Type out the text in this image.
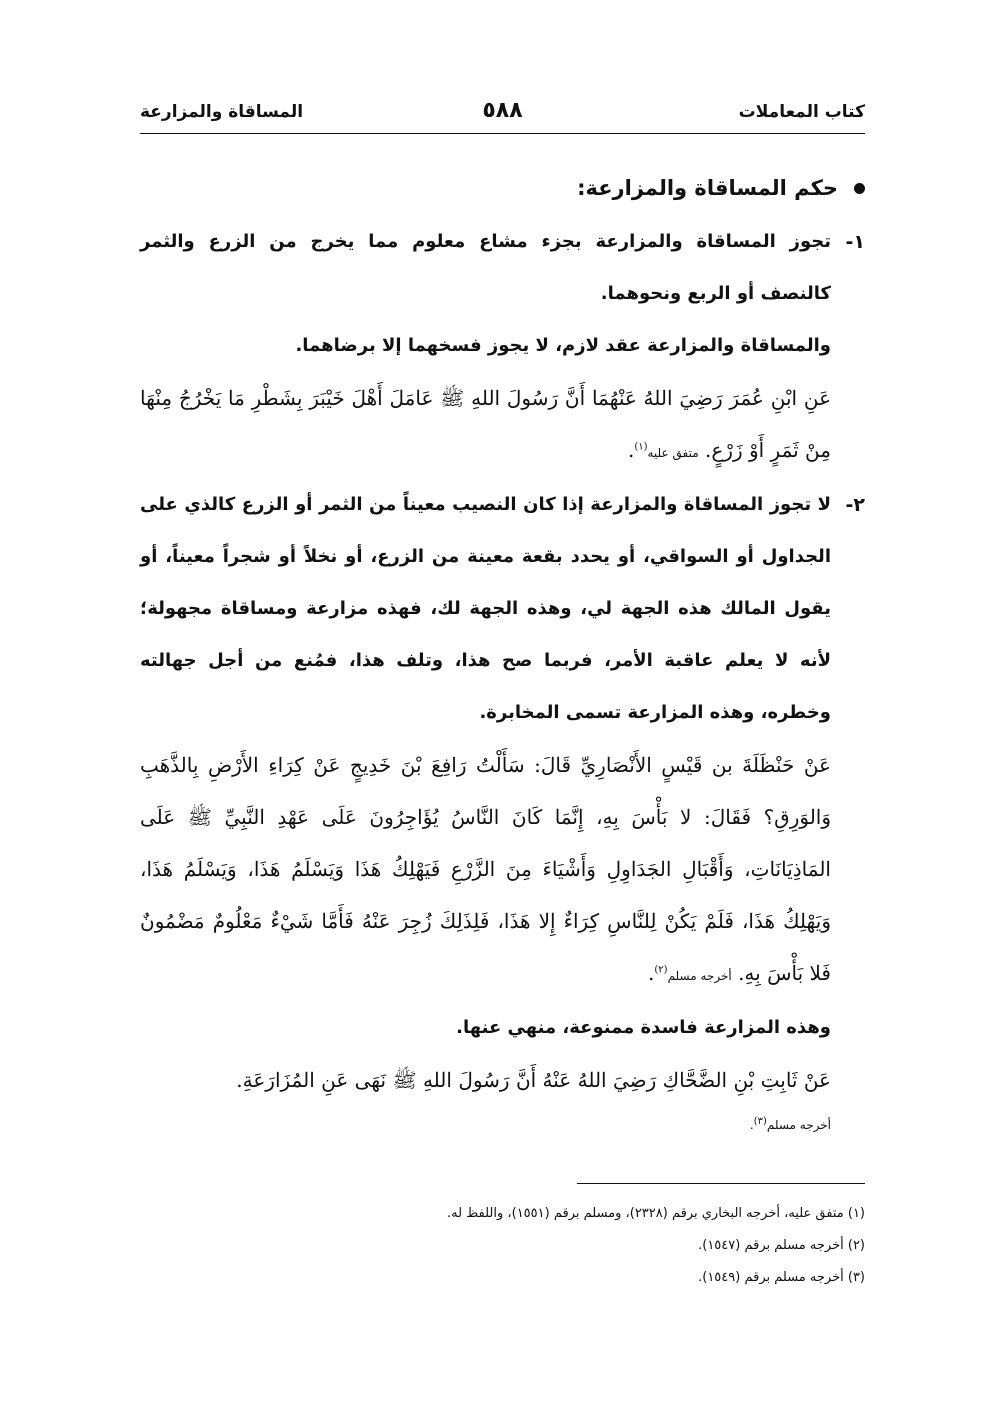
كتاب المعاملات
٥٨٨
المساقاة والمزارعة
حكم المساقاة والمزارعة:
١-
تجوز المساقاة والمزارعة بجزء مشاع معلوم مما يخرج من الزرع والثمر كالنصف أو الربع ونحوهما.
والمساقاة والمزارعة عقد لازم، لا يجوز فسخهما إلا برضاهما.
عَنِ ابْنِ عُمَرَ رَضِيَ اللهُ عَنْهُمَا أَنَّ رَسُولَ اللهِ ﷺ عَامَلَ أَهْلَ خَيْبَرَ بِشَطْرِ مَا يَخْرُجُ مِنْهَا مِنْ ثَمَرٍ أَوْ زَرْعٍ. متفق عليه$^{(١)}$.
٢-
لا تجوز المساقاة والمزارعة إذا كان النصيب معيناً من الثمر أو الزرع كالذي على الجداول أو السواقي، أو يحدد بقعة معينة من الزرع، أو نخلاً أو شجراً معيناً، أو يقول المالك هذه الجهة لي، وهذه الجهة لك، فهذه مزارعة ومساقاة مجهولة؛ لأنه لا يعلم عاقبة الأمر، فربما صح هذا، وتلف هذا، فمُنع من أجل جهالته وخطره، وهذه المزارعة تسمى المخابرة.
عَنْ حَنْظَلَةَ بن قَيْسٍ الأَنْصَارِيِّ قَالَ: سَأَلْتُ رَافِعَ بْنَ خَدِيجٍ عَنْ كِرَاءِ الأَرْضِ بِالذَّهَبِ وَالوَرِقِ؟ فَقَالَ: لا بَأْسَ بِهِ، إِنَّمَا كَانَ النَّاسُ يُؤَاجِرُونَ عَلَى عَهْدِ النَّبِيِّ ﷺ عَلَى المَاذِيَانَاتِ، وَأَقْبَالِ الجَدَاوِلِ وَأَشْيَاءَ مِنَ الزَّرْعِ فَيَهْلِكُ هَذَا وَيَسْلَمُ هَذَا، وَيَسْلَمُ هَذَا، وَيَهْلِكُ هَذَا، فَلَمْ يَكُنْ لِلنَّاسِ كِرَاءٌ إِلا هَذَا، فَلِذَلِكَ زُجِرَ عَنْهُ فَأَمَّا شَيْءٌ مَعْلُومٌ مَضْمُونٌ فَلا بَأْسَ بِهِ. أخرجه مسلم$^{(٢)}$.
وهذه المزارعة فاسدة ممنوعة، منهي عنها.
عَنْ ثَابِتِ بْنِ الضَّحَّاكِ رَضِيَ اللهُ عَنْهُ أَنَّ رَسُولَ اللهِ ﷺ نَهَى عَنِ المُزَارَعَةِ.
أخرجه مسلم$^{(٣)}$.
(١) متفق عليه، أخرجه البخاري برقم (٢٣٢٨)، ومسلم برقم (١٥٥١)، واللفظ له.
(٢) أخرجه مسلم برقم (١٥٤٧).
(٣) أخرجه مسلم برقم (١٥٤٩).
